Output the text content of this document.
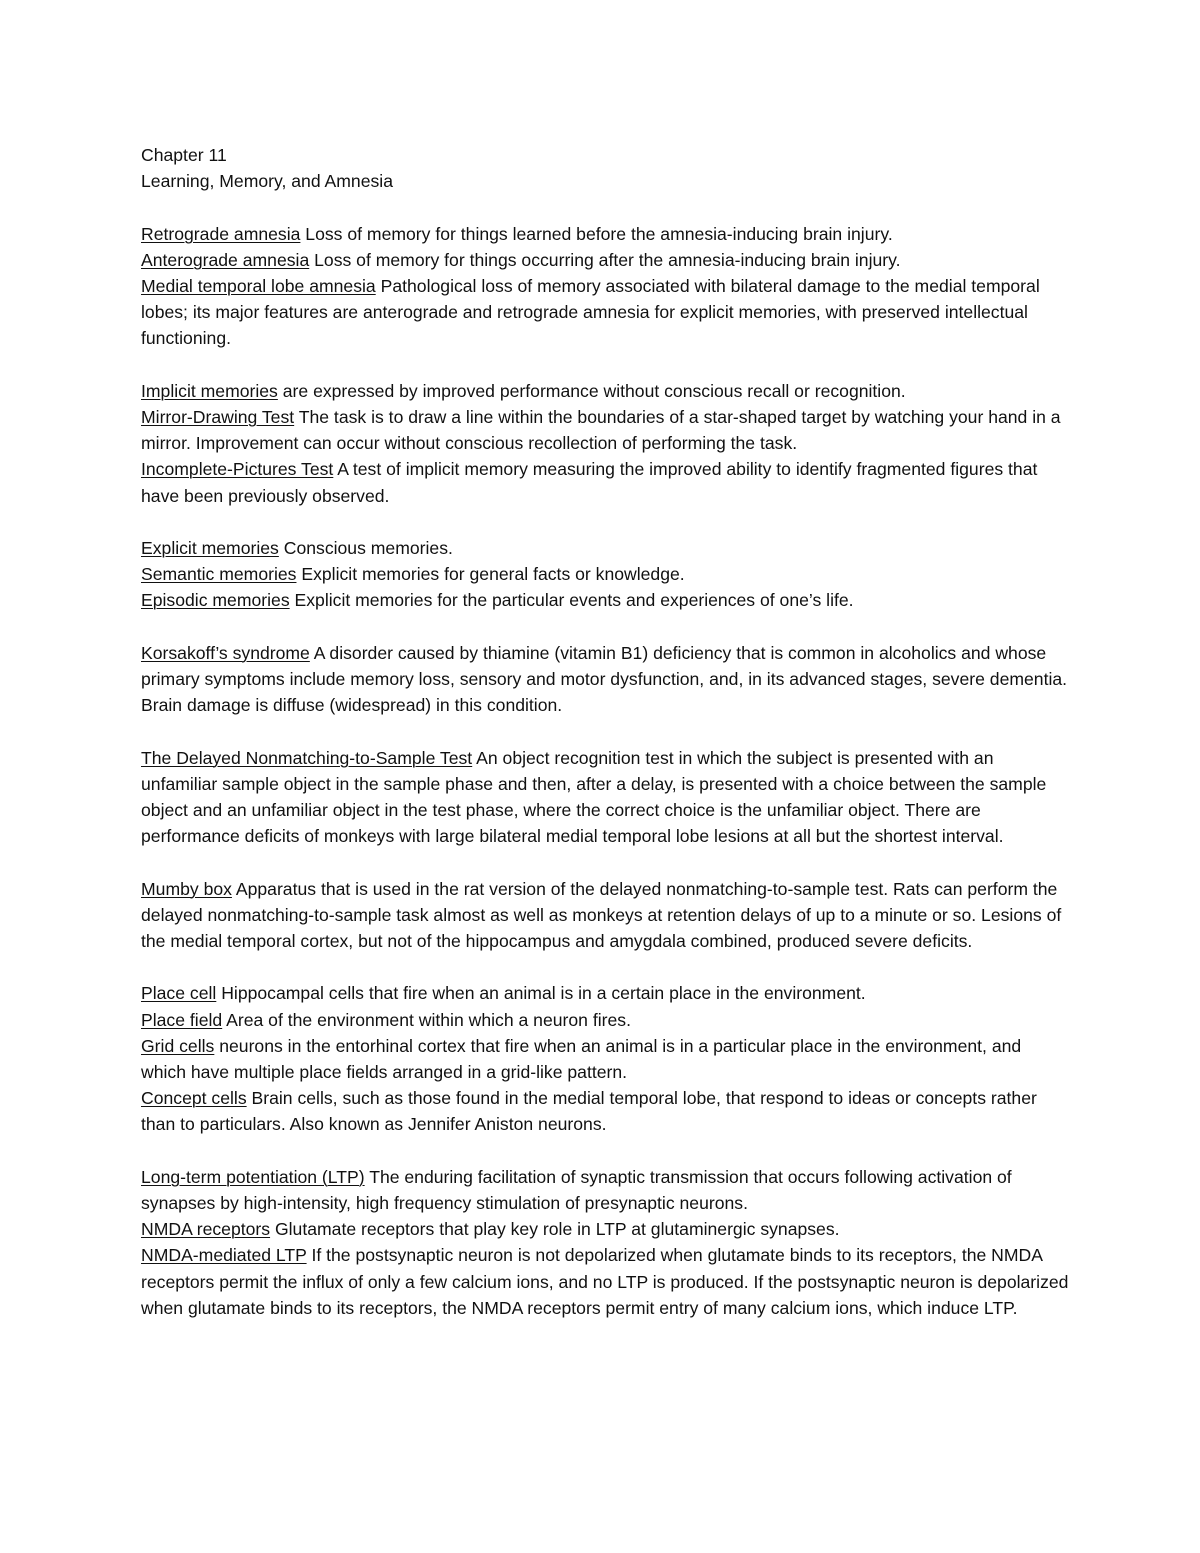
Chapter 11
Learning, Memory, and Amnesia
Retrograde amnesia Loss of memory for things learned before the amnesia-inducing brain injury.
Anterograde amnesia Loss of memory for things occurring after the amnesia-inducing brain injury.
Medial temporal lobe amnesia Pathological loss of memory associated with bilateral damage to the medial temporal lobes; its major features are anterograde and retrograde amnesia for explicit memories, with preserved intellectual functioning.
Implicit memories are expressed by improved performance without conscious recall or recognition.
Mirror-Drawing Test The task is to draw a line within the boundaries of a star-shaped target by watching your hand in a mirror. Improvement can occur without conscious recollection of performing the task.
Incomplete-Pictures Test A test of implicit memory measuring the improved ability to identify fragmented figures that have been previously observed.
Explicit memories Conscious memories.
Semantic memories Explicit memories for general facts or knowledge.
Episodic memories Explicit memories for the particular events and experiences of one’s life.
Korsakoff’s syndrome A disorder caused by thiamine (vitamin B1) deficiency that is common in alcoholics and whose primary symptoms include memory loss, sensory and motor dysfunction, and, in its advanced stages, severe dementia. Brain damage is diffuse (widespread) in this condition.
The Delayed Nonmatching-to-Sample Test An object recognition test in which the subject is presented with an unfamiliar sample object in the sample phase and then, after a delay, is presented with a choice between the sample object and an unfamiliar object in the test phase, where the correct choice is the unfamiliar object. There are performance deficits of monkeys with large bilateral medial temporal lobe lesions at all but the shortest interval.
Mumby box Apparatus that is used in the rat version of the delayed nonmatching-to-sample test. Rats can perform the delayed nonmatching-to-sample task almost as well as monkeys at retention delays of up to a minute or so. Lesions of the medial temporal cortex, but not of the hippocampus and amygdala combined, produced severe deficits.
Place cell Hippocampal cells that fire when an animal is in a certain place in the environment.
Place field Area of the environment within which a neuron fires.
Grid cells neurons in the entorhinal cortex that fire when an animal is in a particular place in the environment, and which have multiple place fields arranged in a grid-like pattern.
Concept cells Brain cells, such as those found in the medial temporal lobe, that respond to ideas or concepts rather than to particulars. Also known as Jennifer Aniston neurons.
Long-term potentiation (LTP) The enduring facilitation of synaptic transmission that occurs following activation of synapses by high-intensity, high frequency stimulation of presynaptic neurons.
NMDA receptors Glutamate receptors that play key role in LTP at glutaminergic synapses.
NMDA-mediated LTP If the postsynaptic neuron is not depolarized when glutamate binds to its receptors, the NMDA receptors permit the influx of only a few calcium ions, and no LTP is produced. If the postsynaptic neuron is depolarized when glutamate binds to its receptors, the NMDA receptors permit entry of many calcium ions, which induce LTP.
